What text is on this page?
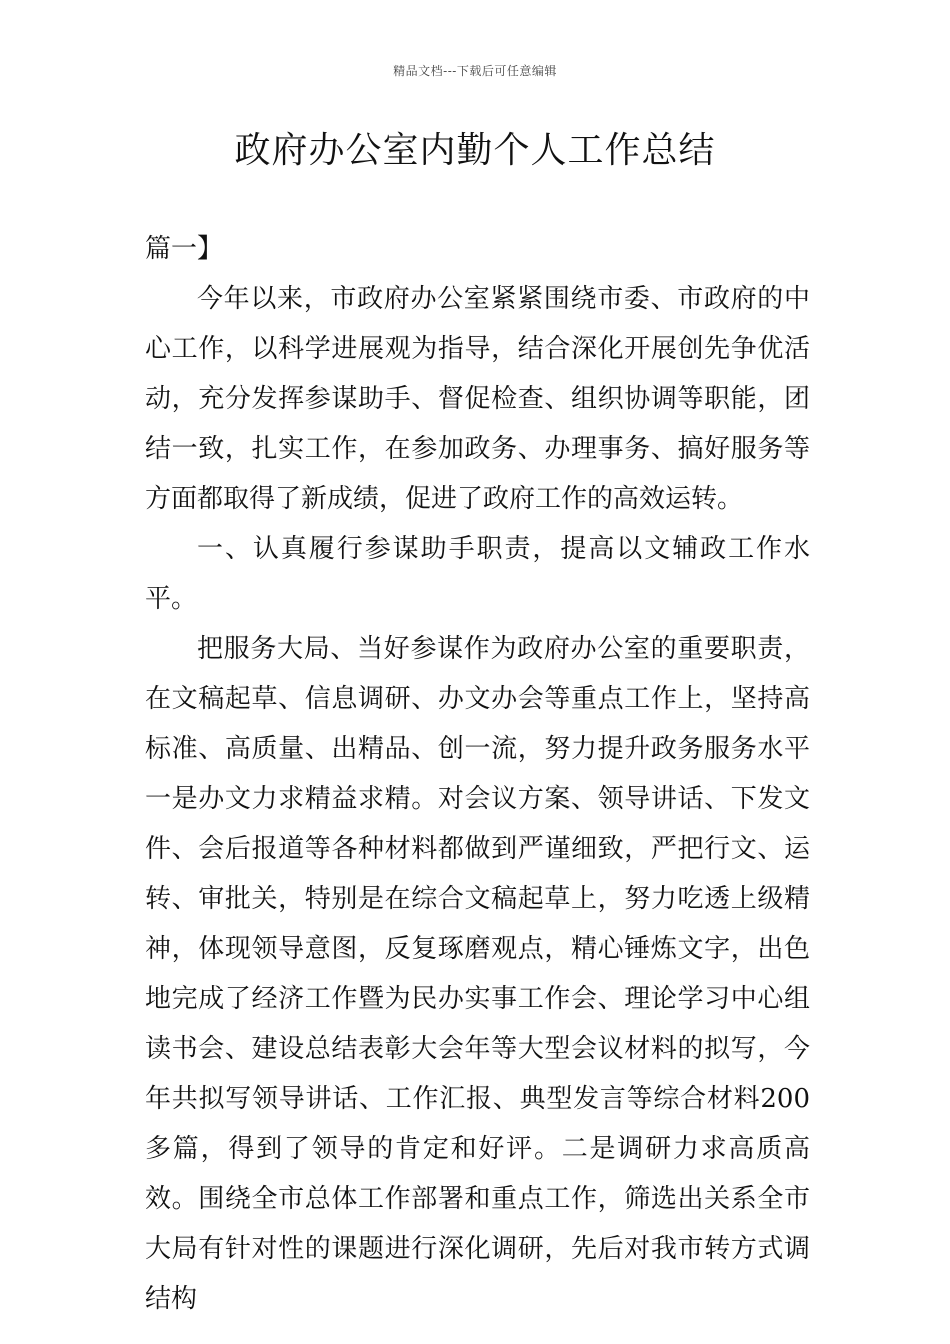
精品文档---下载后可任意编辑
政府办公室内勤个人工作总结

篇一】

今年以来，市政府办公室紧紧围绕市委、市政府的中心工作，以科学进展观为指导，结合深化开展创先争优活动，充分发挥参谋助手、督促检查、组织协调等职能，团结一致，扎实工作，在参加政务、办理事务、搞好服务等方面都取得了新成绩，促进了政府工作的高效运转。

一、认真履行参谋助手职责，提高以文辅政工作水平。

把服务大局、当好参谋作为政府办公室的重要职责，在文稿起草、信息调研、办文办会等重点工作上，坚持高标准、高质量、出精品、创一流，努力提升政务服务水平一是办文力求精益求精。对会议方案、领导讲话、下发文件、会后报道等各种材料都做到严谨细致，严把行文、运转、审批关，特别是在综合文稿起草上，努力吃透上级精神，体现领导意图，反复琢磨观点，精心锤炼文字，出色地完成了经济工作暨为民办实事工作会、理论学习中心组读书会、建设总结表彰大会年等大型会议材料的拟写，今年共拟写领导讲话、工作汇报、典型发言等综合材料200多篇，得到了领导的肯定和好评。二是调研力求高质高效。围绕全市总体工作部署和重点工作，筛选出关系全市大局有针对性的课题进行深化调研，先后对我市转方式调结构
